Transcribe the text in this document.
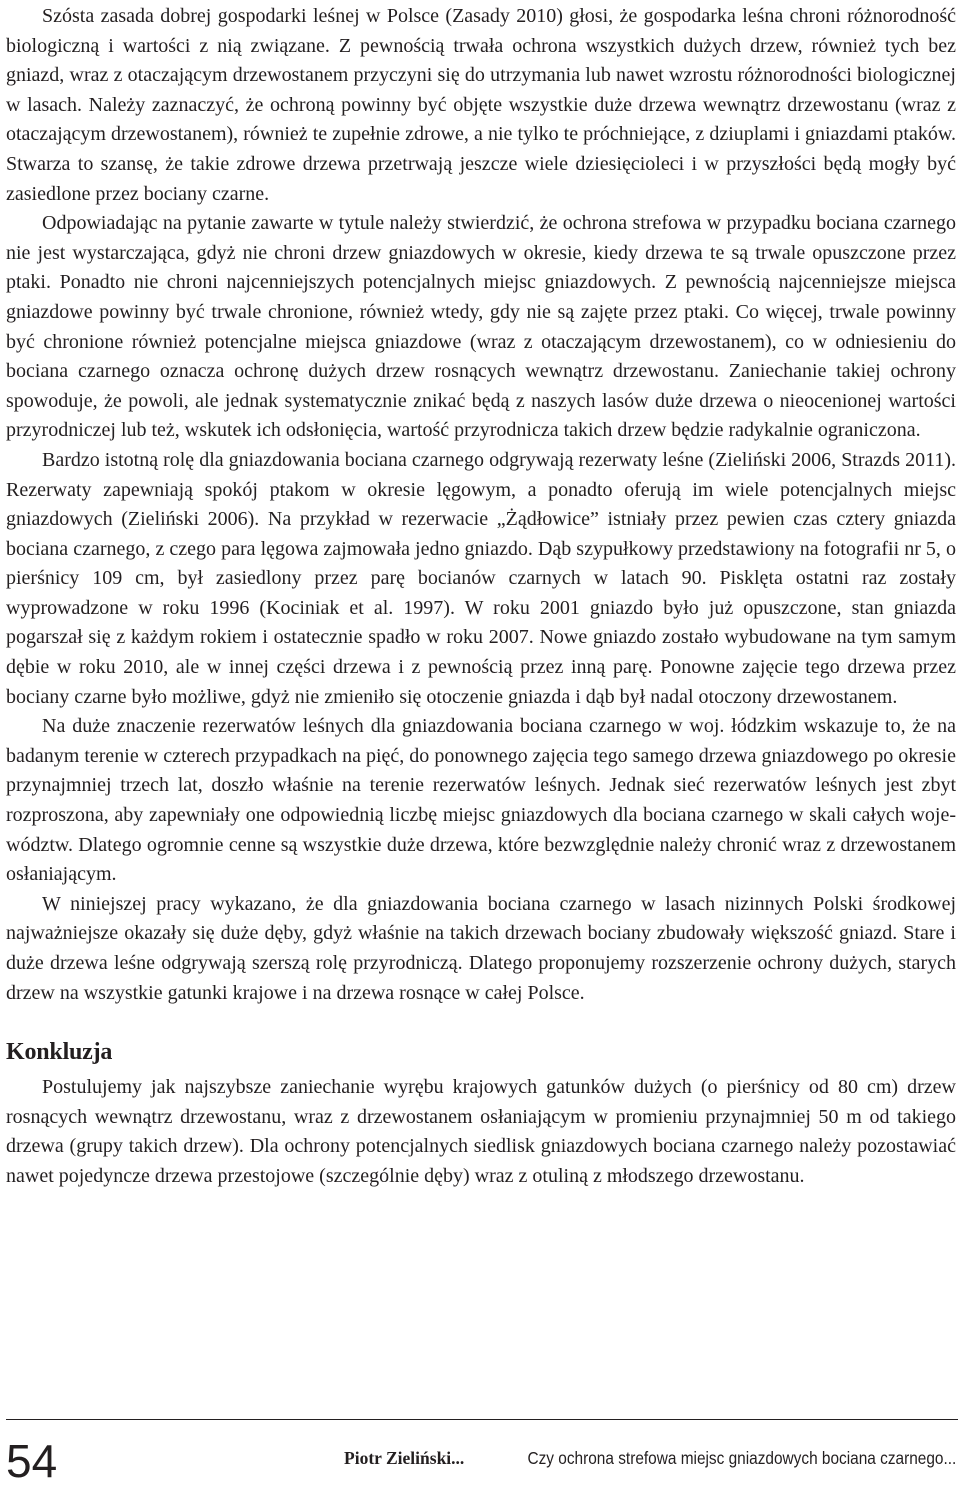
Szósta zasada dobrej gospodarki leśnej w Polsce (Zasady 2010) głosi, że gospodarka leśna chroni różnorodność biologiczną i wartości z nią związane. Z pewnością trwała ochrona wszystkich dużych drzew, również tych bez gniazd, wraz z otaczającym drzewostanem przyczyni się do utrzymania lub nawet wzrostu różnorodności biologicznej w lasach. Należy zaznaczyć, że ochroną powinny być objęte wszystkie duże drzewa wewnątrz drzewostanu (wraz z otaczającym drzewostanem), również te zupełnie zdrowe, a nie tylko te próchniejące, z dziuplami i gniazdami ptaków. Stwarza to szansę, że takie zdrowe drzewa przetrwają jeszcze wiele dziesięcioleci i w przyszłości będą mogły być zasiedlone przez bociany czarne.

Odpowiadając na pytanie zawarte w tytule należy stwierdzić, że ochrona strefowa w przypadku bociana czarnego nie jest wystarczająca, gdyż nie chroni drzew gniazdowych w okresie, kiedy drzewa te są trwale opuszczone przez ptaki. Ponadto nie chroni najcenniejszych potencjalnych miejsc gniazdowych. Z pewnością najcenniejsze miejsca gniazdowe powinny być trwale chronione, również wtedy, gdy nie są zajęte przez ptaki. Co więcej, trwale powinny być chronione również potencjalne miejsca gniazdowe (wraz z otaczającym drzewostanem), co w odniesieniu do bociana czarnego oznacza ochronę dużych drzew rosnących wewnątrz drzewostanu. Zaniechanie takiej ochrony spowoduje, że powoli, ale jednak systematycznie znikać będą z naszych lasów duże drzewa o nieocenionej wartości przyrodniczej lub też, wskutek ich odsłonięcia, wartość przyrodnicza takich drzew będzie radykalnie ograniczona.

Bardzo istotną rolę dla gniazdowania bociana czarnego odgrywają rezerwaty leśne (Zieliński 2006, Strazds 2011). Rezerwaty zapewniają spokój ptakom w okresie lęgowym, a ponadto oferują im wiele potencjalnych miejsc gniazdowych (Zieliński 2006). Na przykład w rezerwacie „Żądłowice” istniały przez pewien czas cztery gniazda bociana czarnego, z czego para lęgowa zajmowała jedno gniazdo. Dąb szypułkowy przedstawiony na fotografii nr 5, o pierśnicy 109 cm, był zasiedlony przez parę bocianów czarnych w latach 90. Pisklęta ostatni raz zostały wyprowadzone w roku 1996 (Kociniak et al. 1997). W roku 2001 gniazdo było już opuszczone, stan gniazda pogarszał się z każdym rokiem i ostatecznie spadło w roku 2007. Nowe gniazdo zostało wybudowane na tym samym dębie w roku 2010, ale w innej części drzewa i z pewnością przez inną parę. Ponowne zajęcie tego drzewa przez bociany czarne było możliwe, gdyż nie zmieniło się otoczenie gniazda i dąb był nadal otoczony drzewostanem.

Na duże znaczenie rezerwatów leśnych dla gniazdowania bociana czarnego w woj. łódzkim wskazuje to, że na badanym terenie w czterech przypadkach na pięć, do ponownego zajęcia tego samego drzewa gniazdowego po okresie przynajmniej trzech lat, doszło właśnie na terenie rezerwatów leśnych. Jednak sieć rezerwatów leśnych jest zbyt rozproszona, aby zapewniały one odpowiednią liczbę miejsc gniazdowych dla bociana czarnego w skali całych województw. Dlatego ogromnie cenne są wszystkie duże drzewa, które bezwzględnie należy chronić wraz z drzewostanem osłaniającym.

W niniejszej pracy wykazano, że dla gniazdowania bociana czarnego w lasach nizinnych Polski środkowej najważniejsze okazały się duże dęby, gdyż właśnie na takich drzewach bociany zbudowały większość gniazd. Stare i duże drzewa leśne odgrywają szerszą rolę przyrodniczą. Dlatego proponujemy rozszerzenie ochrony dużych, starych drzew na wszystkie gatunki krajowe i na drzewa rosnące w całej Polsce.

Konkluzja

Postulujemy jak najszybsze zaniechanie wyrębu krajowych gatunków dużych (o pierśnicy od 80 cm) drzew rosnących wewnątrz drzewostanu, wraz z drzewostanem osłaniającym w promieniu przynajmniej 50 m od takiego drzewa (grupy takich drzew). Dla ochrony potencjalnych siedlisk gniazdowych bociana czarnego należy pozostawiać nawet pojedyncze drzewa przestojowe (szczególnie dęby) wraz z otuliną z młodszego drzewostanu.

54	Piotr Zieliński...	Czy ochrona strefowa miejsc gniazdowych bociana czarnego...
